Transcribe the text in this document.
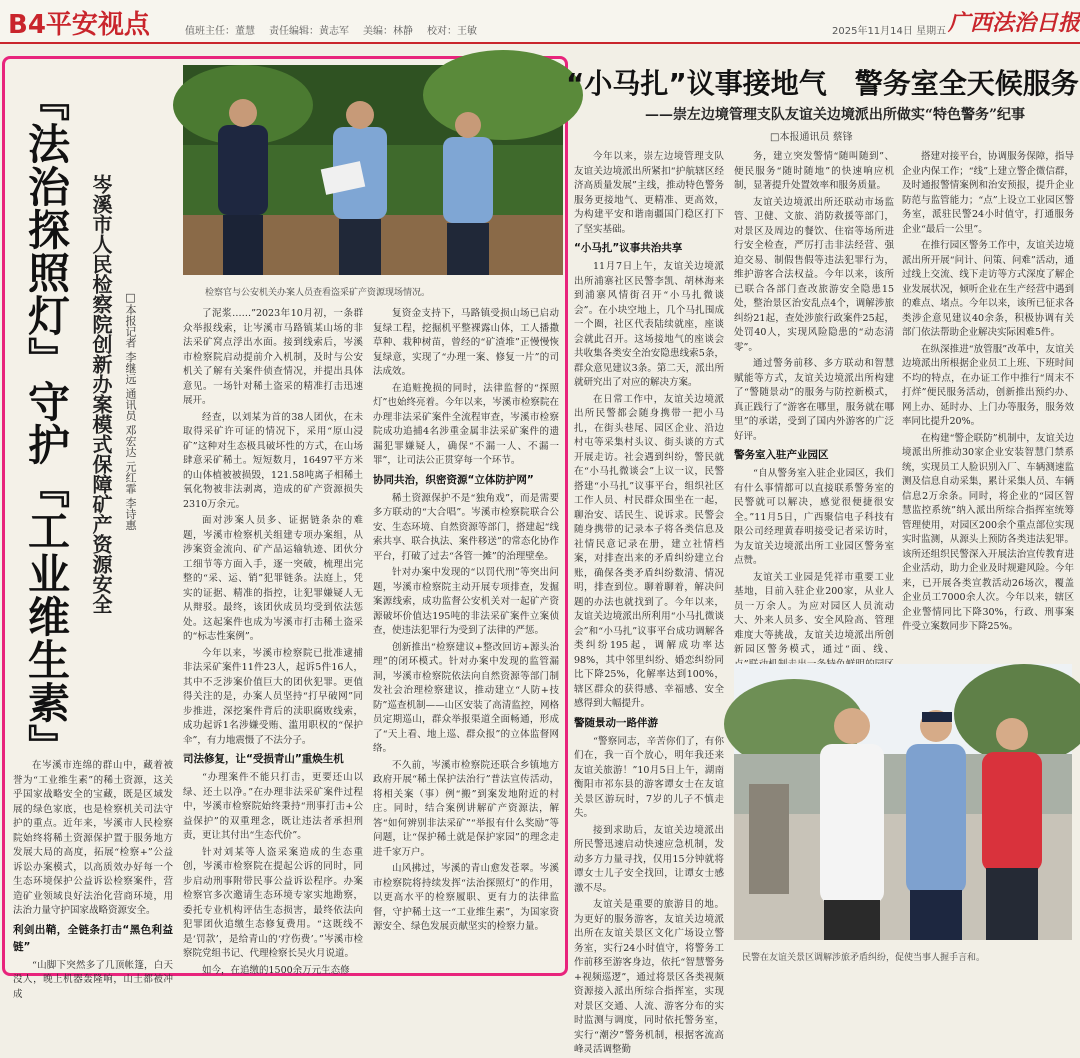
B4平安视点	值班主任：董慧 责任编辑：黄志军 美编：林静 校对：王敏	2025年11月14日 星期五 广西法治日报
『法治探照灯』守护『工业维生素』 岑溪市人民检察院创新办案模式保障矿产资源安全 □本报记者 李继远 通讯员 邓宏达 元红霏 李诗惠	检察官与公安机关办案人员查看盗采矿产资源现场情况。

在岑溪市连绵的群山中，藏着被誉为“工业维生素”的稀土资源，这关乎国家战略安全的宝藏，既是区域发展的绿色家底，也是检察机关司法守护的重点。近年来，岑溪市人民检察院始终将稀土资源保护置于服务地方发展大局的高度，拓展“检察+”公益诉讼办案模式，以高质效办好每一个生态环境保护公益诉讼检察案件，营造矿业领域良好法治化营商环境，用法治力量守护国家战略资源安全。

利剑出鞘，全链条打击“黑色利益链”

“山脚下突然多了几顶帐篷，白天没人，晚上机器轰隆响，山土都被冲成

了泥浆……”2023年10月初，一条群众举报线索，让岑溪市马路镇某山场的非法采矿窝点浮出水面。接到线索后，岑溪市检察院启动提前介入机制，及时与公安机关了解有关案件侦查情况，并提出具体意见。一场针对稀土盗采的精准打击迅速展开。

经查，以刘某为首的38人团伙，在未取得采矿许可证的情况下，采用“原山浸矿”这种对生态极具破坏性的方式，在山场肆意采矿稀土。短短数月，16497平方米的山体植被被损毁，121.58吨离子相稀土氧化物被非法剥离，造成的矿产资源损失2310万余元。

面对涉案人员多、证据链条杂的难题，岑溪市检察机关组建专项办案组，从涉案资金流向、矿产品运输轨迹、团伙分工细节等方面入手，逐一突破，梳理出完整的“采、运、销”犯罪链条。法庭上，凭实的证据、精准的指控，让犯罪嫌疑人无从辩驳。最终，该团伙成员均受到依法惩处。这起案件也成为岑溪市打击稀土盗采的“标志性案例”。

今年以来，岑溪市检察院已批准逮捕非法采矿案件11件23人，起诉5件16人，其中不乏涉案价值巨大的团伙犯罪。更值得关注的是，办案人员坚持“打早破网”同步推进，深挖案件背后的渎职腐败线索，成功起诉1名涉嫌受贿、滥用职权的“保护伞”，有力地震慑了不法分子。

司法修复，让“受损青山”重焕生机

“办理案件不能只打击，更要还山以绿、还土以净。”在办理非法采矿案件过程中，岑溪市检察院始终秉持“刑事打击+公益保护”的双重理念，既让违法者承担刑责，更让其付出“生态代价”。

针对刘某等人盗采案造成的生态重创，岑溪市检察院在提起公诉的同时，同步启动刑事附带民事公益诉讼程序。办案检察官多次邀请生态环境专家实地勘察，委托专业机构评估生态损害，最终依法向犯罪团伙追缴生态修复费用。“这既线不是‘罚款’，是给青山的‘疗伤费’。”岑溪市检察院党组书记、代理检察长吴火月说道。

如今，在追缴的1500余万元生态修

复资金支持下，马路镇受损山场已启动复绿工程，挖掘机平整裸露山体，工人播撒草种、栽种树苗，曾经的“矿渣堆”正慢慢恢复绿意，实现了“办理一案、修复一片”的司法成效。

在追赃挽损的同时，法律监督的“探照灯”也始终亮着。今年以来，岑溪市检察院在办理非法采矿案件全流程审查，岑溪市检察院成功追捕4名涉重金属非法采矿案件的遗漏犯罪嫌疑人，确保“不漏一人、不漏一罪”，让司法公正贯穿每一个环节。

协同共治，织密资源“立体防护网”

稀土资源保护不是“独角戏”，而是需要多方联动的“大合唱”。岑溪市检察院联合公安、生态环境、自然资源等部门，搭建起“线索共享、联合执法、案件移送”的常态化协作平台，打破了过去“各管一摊”的治理壁垒。

针对办案中发现的“以罚代刑”等突出问题，岑溪市检察院主动开展专项排查，发掘案源线索，成功监督公安机关对一起矿产资源破坏价值达195吨的非法采矿案件立案侦查，使违法犯罪行为受到了法律的严惩。

创新推出“检察建议+整改回访+源头治理”的闭环模式。针对办案中发现的监管漏洞，岑溪市检察院依法向自然资源等部门制发社会治理检察建议，推动建立“人防+技防”巡查机制——山区安装了高清监控，网格员定期巡山，群众举报渠道全面畅通，形成了“天上看、地上巡、群众报”的立体监督网络。

不久前，岑溪市检察院还联合乡镇地方政府开展“稀土保护法治行”普法宣传活动，将相关案（事）例“搬”到案发地附近的村庄。同时，结合案例讲解矿产资源法，解答“如何辨别非法采矿”“举报有什么奖励”等问题，让“保护稀土就是保护家园”的理念走进千家万户。

山风拂过，岑溪的青山愈发苍翠。岑溪市检察院将持续发挥“法治探照灯”的作用，以更高水平的检察履职、更有力的法律监督，守护稀土这一“工业维生素”，为国家资源安全、绿色发展贡献坚实的检察力量。

“小马扎”议事接地气　警务室全天候服务
——崇左边境管理支队友谊关边境派出所做实“特色警务”纪事
□本报通讯员 蔡锋

今年以来，崇左边境管理支队友谊关边境派出所紧扣“护航辖区经济高质量发展”主线，推动特色警务服务更接地气、更精准、更高效，为构建平安和谐南疆国门稳区打下了坚实基础。

“小马扎”议事共治共享

11月7日上午，友谊关边境派出所浦寨社区民警李凯、胡林海来到浦寨风情街召开“小马扎微谈会”。在小块空地上，几个马扎围成一个圈，社区代表陆续就座，座谈会就此召开。这场接地气的座谈会共收集各类安全治安隐患线索5条，群众意见建议3条。第二天，派出所就研究出了对应的解决方案。

在日常工作中，友谊关边境派出所民警都会随身携带一把小马扎，在街头巷尾、园区企业、沿边村屯等采集村头议、街头谈的方式开展走访。社会遇到纠纷，警民就在“小马扎微谈会”上议一议，民警搭建“小马扎”议事平台，组织社区工作人员、村民群众围坐在一起，聊治安、话民生、说诉求。民警会随身携带的记录本子将各类信息及社情民意记录在册，建立社情档案，对排查出来的矛盾纠纷建立台账，确保各类矛盾纠纷数清、情况明，排查到位。聊着聊着，解决问题的办法也就找到了。今年以来，友谊关边境派出所利用“小马扎微谈会”和“小马扎”议事平台成功调解各类纠纷195起，调解成功率达98%，其中邻里纠纷、婚恋纠纷同比下降25%，化解率达到100%，辖区群众的获得感、幸福感、安全感得到大幅提升。

警随景动一路伴游

“警察同志，辛苦你们了，有你们在，我一百个放心，明年我还来友谊关旅游！”10月5日上午，湖南衡阳市祁东县的游客谭女士在友谊关景区游玩时，7岁的儿子不慎走失。

接到求助后，友谊关边境派出所民警迅速启动快速应急机制，发动多方力量寻找，仅用15分钟就将谭女士儿子安全找回，让谭女士感激不尽。

友谊关是重要的旅游目的地。为更好的服务游客，友谊关边境派出所在友谊关景区文化广场设立警务室，实行24小时值守，将警务工作前移至游客身边，依托“智慧警务+视频巡逻”，通过将景区各类视频资源接入派出所综合指挥室，实现对景区交通、人流、游客分布的实时监测与调度，同时依托警务室，实行“潮汐”警务机制，根据客流高峰灵活调整勤

务，建立突发警情“随叫随到”、便民服务“随时随地”的快速响应机制，显著提升处置效率和服务质量。

友谊关边境派出所还联动市场监管、卫健、文旅、消防救援等部门，对景区及周边的餐饮、住宿等场所进行安全检查，严厉打击非法经营、强迫交易、制假售假等违法犯罪行为，维护游客合法权益。今年以来，该所已联合各部门查改旅游安全隐患15处，整治景区治安乱点4个，调解涉旅纠纷21起，查处涉旅行政案件25起，处罚40人，实现风险隐患的“动态清零”。

通过警务前移、多方联动和智慧赋能等方式，友谊关边境派出所构建了“警随景动”的服务与防控新模式，真正践行了“游客在哪里，服务就在哪里”的承诺，受到了国内外游客的广泛好评。

警务室入驻产业园区

“自从警务室入驻企业园区，我们有什么事情都可以直接联系警务室的民警就可以解决，感觉很便捷很安全。”11月5日，广西聚信电子科技有限公司经理黄春明接受记者采访时，为友谊关边境派出所工业园区警务室点赞。

友谊关工业园是凭祥市重要工业基地，目前入驻企业200家，从业人员一万余人。为应对园区人员流动大、外来人员多、安全风险高、管理难度大等挑战，友谊关边境派出所创新园区警务模式，通过“面、线、

搭建对接平台，协调服务保障，指导企业内保工作；“线”上建立警企微信群，及时通报警情案例和治安预报，提升企业防范与监管能力；“点”上设立工业园区警务室，派驻民警24小时值守，打通服务企业“最后一公里”。

在推行园区警务工作中，友谊关边境派出所开展“问计、问策、问难”活动，通过线上交流、线下走访等方式深度了解企业发展状况，倾听企业在生产经营中遇到的难点、堵点。今年以来，该所已征求各类涉企意见建议40余条，积极协调有关部门依法帮助企业解决实际困难5件。

在纵深推进“放管服”改革中，友谊关边境派出所根据企业员工上班、下班时间不均的特点，在办证工作中推行“周末不打烊”便民服务活动，创新推出预约办、网上办、延时办、上门办等服务，服务效率同比提升20%。

在构建“警企联防”机制中，友谊关边境派出所推动30家企业安装智慧门禁系统，实现员工人脸识别入厂、车辆测速监测及信息自动采集，累计采集人员、车辆信息2万余条。同时，将企业的“园区智慧监控系统”纳入派出所综合指挥室统筹管理使用，对园区200余个重点部位实现实时监测，从源头上预防各类违法犯罪。该所还组织民警深入开展法治宣传教育进企业活动，助力企业及时规避风险。今年来，已开展各类宣教活动26场次，覆盖企业员工7000余人次。今年以来，辖区企业警情同比下降30%，行政、刑事案件受立案数同步下降25%。

民警在友谊关景区调解涉旅矛盾纠纷，促使当事人握手言和。
